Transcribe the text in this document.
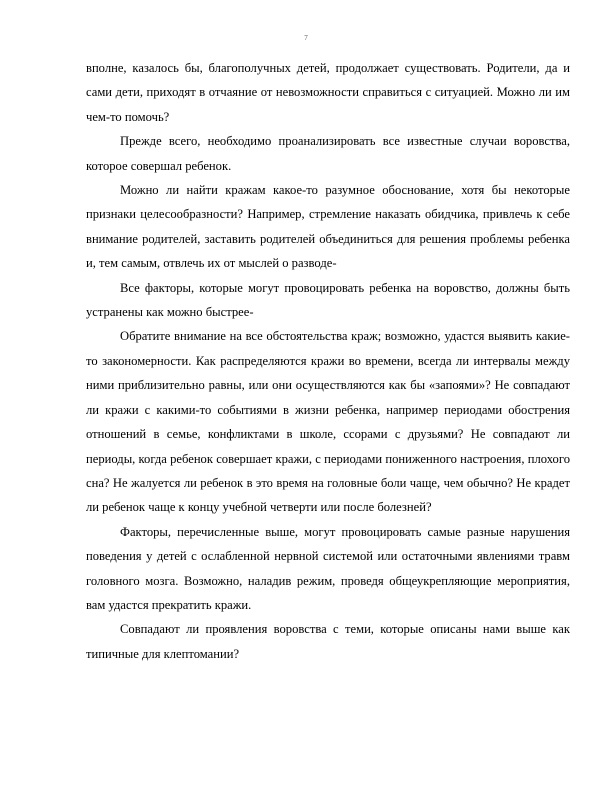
7

вполне, казалось бы, благополучных детей, продолжает существовать. Родители, да и сами дети, приходят в отчаяние от невозможности справиться с ситуацией. Можно ли им чем-то помочь?

Прежде всего, необходимо проанализировать все известные случаи воровства, которое совершал ребенок.

Можно ли найти кражам какое-то разумное обоснование, хотя бы некоторые признаки целесообразности? Например, стремление наказать обидчика, привлечь к себе внимание родителей, заставить родителей объединиться для решения проблемы ребенка и, тем самым, отвлечь их от мыслей о разводе-

Все факторы, которые могут провоцировать ребенка на воровство, должны быть устранены как можно быстрее-

Обратите внимание на все обстоятельства краж; возможно, удастся выявить какие-то закономерности. Как распределяются кражи во времени, всегда ли интервалы между ними приблизительно равны, или они осуществляются как бы «запоями»? Не совпадают ли кражи с какими-то событиями в жизни ребенка, например периодами обострения отношений в семье, конфликтами в школе, ссорами с друзьями? Не совпадают ли периоды, когда ребенок совершает кражи, с периодами пониженного настроения, плохого сна? Не жалуется ли ребенок в это время на головные боли чаще, чем обычно? Не крадет ли ребенок чаще к концу учебной четверти или после болезней?

Факторы, перечисленные выше, могут провоцировать самые разные нарушения поведения у детей с ослабленной нервной системой или остаточными явлениями травм головного мозга. Возможно, наладив режим, проведя общеукрепляющие мероприятия, вам удастся прекратить кражи.

Совпадают ли проявления воровства с теми, которые описаны нами выше как типичные для клептомании?
